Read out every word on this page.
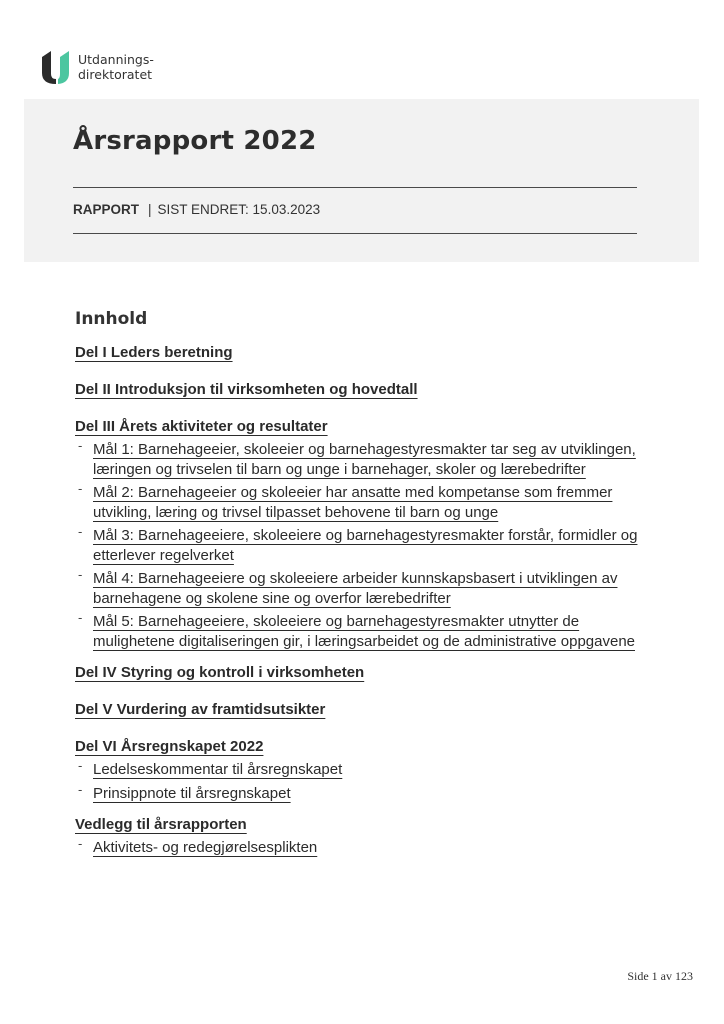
Utdannings-
direktoratet
Årsrapport 2022
RAPPORT | SIST ENDRET: 15.03.2023
Innhold
Del I Leders beretning
Del II Introduksjon til virksomheten og hovedtall
Del III Årets aktiviteter og resultater
- Mål 1: Barnehageeier, skoleeier og barnehagestyresmakter tar seg av utviklingen, læringen og trivselen til barn og unge i barnehager, skoler og lærebedrifter
- Mål 2: Barnehageeier og skoleeier har ansatte med kompetanse som fremmer utvikling, læring og trivsel tilpasset behovene til barn og unge
- Mål 3: Barnehageeiere, skoleeiere og barnehagestyresmakter forstår, formidler og etterlever regelverket
- Mål 4: Barnehageeiere og skoleeiere arbeider kunnskapsbasert i utviklingen av barnehagene og skolene sine og overfor lærebedrifter
- Mål 5: Barnehageeiere, skoleeiere og barnehagestyresmakter utnytter de mulighetene digitaliseringen gir, i læringsarbeidet og de administrative oppgavene
Del IV Styring og kontroll i virksomheten
Del V Vurdering av framtidsutsikter
Del VI Årsregnskapet 2022
- Ledelseskommentar til årsregnskapet
- Prinsippnote til årsregnskapet
Vedlegg til årsrapporten
- Aktivitets- og redegjørelsesplikten
Side 1 av 123
